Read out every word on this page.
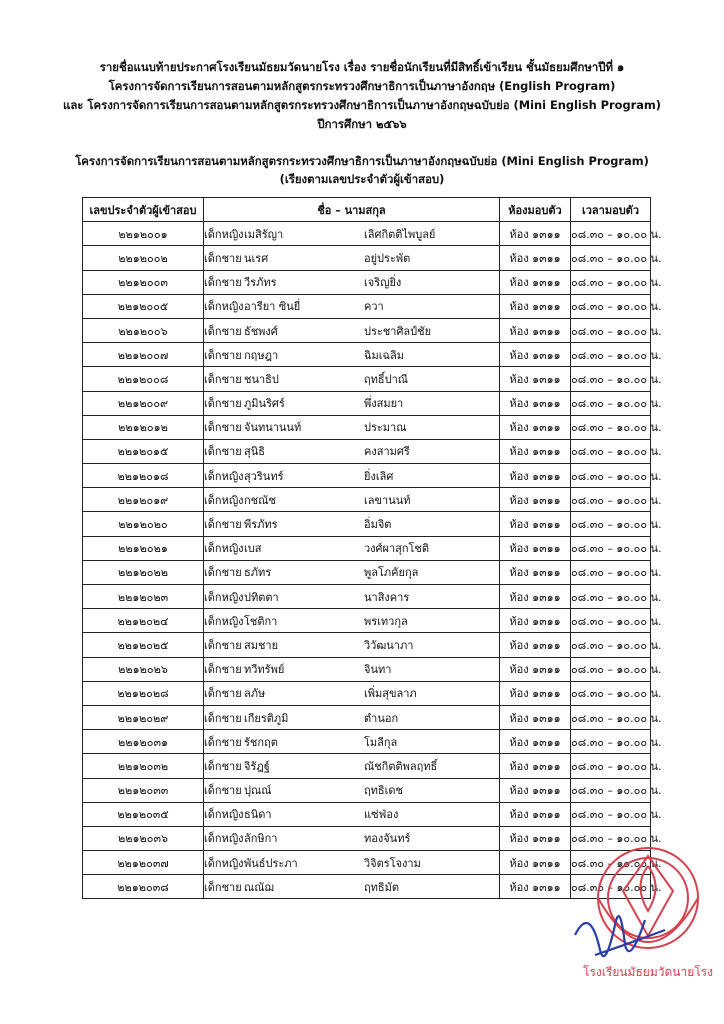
รายชื่อแนบท้ายประกาศโรงเรียนมัธยมวัดนายโรง เรื่อง รายชื่อนักเรียนที่มีสิทธิ์เข้าเรียน ชั้นมัธยมศึกษาปีที่ ๑
โครงการจัดการเรียนการสอนตามหลักสูตรกระทรวงศึกษาธิการเป็นภาษาอังกฤษ (English Program)
และ โครงการจัดการเรียนการสอนตามหลักสูตรกระทรวงศึกษาธิการเป็นภาษาอังกฤษฉบับย่อ (Mini English Program)
ปีการศึกษา ๒๕๖๖
โครงการจัดการเรียนการสอนตามหลักสูตรกระทรวงศึกษาธิการเป็นภาษาอังกฤษฉบับย่อ (Mini English Program)
(เรียงตามเลขประจำตัวผู้เข้าสอบ)
เลขประจำตัวผู้เข้าสอบ	ชื่อ – นามสกุล	ห้องมอบตัว	เวลามอบตัว
๒๒๑๒๐๐๑	เด็กหญิง เมสิรัญา เลิศกิตติไพบูลย์	ห้อง ๑๓๑๑	๐๘.๓๐ – ๑๐.๐๐ น.
๒๒๑๒๐๐๒	เด็กชาย นเรศ อยู่ประพัต	ห้อง ๑๓๑๑	๐๘.๓๐ – ๑๐.๐๐ น.
๒๒๑๒๐๐๓	เด็กชาย วีรภัทร เจริญยิ่ง	ห้อง ๑๓๑๑	๐๘.๓๐ – ๑๐.๐๐ น.
๒๒๑๒๐๐๕	เด็กหญิง อารียา ซินยี่ ควา	ห้อง ๑๓๑๑	๐๘.๓๐ – ๑๐.๐๐ น.
๒๒๑๒๐๐๖	เด็กชาย ธัชพงศ์ ประชาศิลป์ชัย	ห้อง ๑๓๑๑	๐๘.๓๐ – ๑๐.๐๐ น.
๒๒๑๒๐๐๗	เด็กชาย กฤษฎา ฉิมเฉลิม	ห้อง ๑๓๑๑	๐๘.๓๐ – ๑๐.๐๐ น.
๒๒๑๒๐๐๘	เด็กชาย ชนาธิป ฤทธิ์ปาณี	ห้อง ๑๓๑๑	๐๘.๓๐ – ๑๐.๐๐ น.
๒๒๑๒๐๐๙	เด็กชาย ภูมินริศร์ พึ่งสมยา	ห้อง ๑๓๑๑	๐๘.๓๐ – ๑๐.๐๐ น.
๒๒๑๒๐๑๒	เด็กชาย จันทนานนท์ ประมาณ	ห้อง ๑๓๑๑	๐๘.๓๐ – ๑๐.๐๐ น.
๒๒๑๒๐๑๕	เด็กชาย สุนิธิ คงสามศรี	ห้อง ๑๓๑๑	๐๘.๓๐ – ๑๐.๐๐ น.
๒๒๑๒๐๑๘	เด็กหญิง สุวรินทร์ ยิ่งเลิศ	ห้อง ๑๓๑๑	๐๘.๓๐ – ๑๐.๐๐ น.
๒๒๑๒๐๑๙	เด็กหญิง กชณัช เลขานนท์	ห้อง ๑๓๑๑	๐๘.๓๐ – ๑๐.๐๐ น.
๒๒๑๒๐๒๐	เด็กชาย พีรภัทร อิ่มจิต	ห้อง ๑๓๑๑	๐๘.๓๐ – ๑๐.๐๐ น.
๒๒๑๒๐๒๑	เด็กหญิง เบส วงศ์ผาสุกโชติ	ห้อง ๑๓๑๑	๐๘.๓๐ – ๑๐.๐๐ น.
๒๒๑๒๐๒๒	เด็กชาย ธภัทร พูลโภคัยกุล	ห้อง ๑๓๑๑	๐๘.๓๐ – ๑๐.๐๐ น.
๒๒๑๒๐๒๓	เด็กหญิง ปทิตตา นาสิงคาร	ห้อง ๑๓๑๑	๐๘.๓๐ – ๑๐.๐๐ น.
๒๒๑๒๐๒๔	เด็กหญิง โชติกา พรเทวกุล	ห้อง ๑๓๑๑	๐๘.๓๐ – ๑๐.๐๐ น.
๒๒๑๒๐๒๕	เด็กชาย สมชาย วิวัฒนาภา	ห้อง ๑๓๑๑	๐๘.๓๐ – ๑๐.๐๐ น.
๒๒๑๒๐๒๖	เด็กชาย ทวีทรัพย์ จินทา	ห้อง ๑๓๑๑	๐๘.๓๐ – ๑๐.๐๐ น.
๒๒๑๒๐๒๘	เด็กชาย ลภัษ เพิ่มสุขลาภ	ห้อง ๑๓๑๑	๐๘.๓๐ – ๑๐.๐๐ น.
๒๒๑๒๐๒๙	เด็กชาย เกียรติภูมิ ตำนอก	ห้อง ๑๓๑๑	๐๘.๓๐ – ๑๐.๐๐ น.
๒๒๑๒๐๓๑	เด็กชาย รัชกฤต โมลีกุล	ห้อง ๑๓๑๑	๐๘.๓๐ – ๑๐.๐๐ น.
๒๒๑๒๐๓๒	เด็กชาย จิรัฎฐ์ ณัชกิตติพลฤทธิ์	ห้อง ๑๓๑๑	๐๘.๓๐ – ๑๐.๐๐ น.
๒๒๑๒๐๓๓	เด็กชาย ปุณณ์ ฤทธิเดช	ห้อง ๑๓๑๑	๐๘.๓๐ – ๑๐.๐๐ น.
๒๒๑๒๐๓๕	เด็กหญิง ธนิดา แซ่ฟ่อง	ห้อง ๑๓๑๑	๐๘.๓๐ – ๑๐.๐๐ น.
๒๒๑๒๐๓๖	เด็กหญิง ลักษิกา ทองจันทร์	ห้อง ๑๓๑๑	๐๘.๓๐ – ๑๐.๐๐ น.
๒๒๑๒๐๓๗	เด็กหญิง พันธ์ประภา วิจิตรโจงาม	ห้อง ๑๓๑๑	๐๘.๓๐ – ๑๐.๐๐ น.
๒๒๑๒๐๓๘	เด็กชาย ณณัฌ ฤทธิมัต	ห้อง ๑๓๑๑	๐๘.๓๐ – ๑๐.๐๐ น.
โรงเรียนมัธยมวัดนายโรง
